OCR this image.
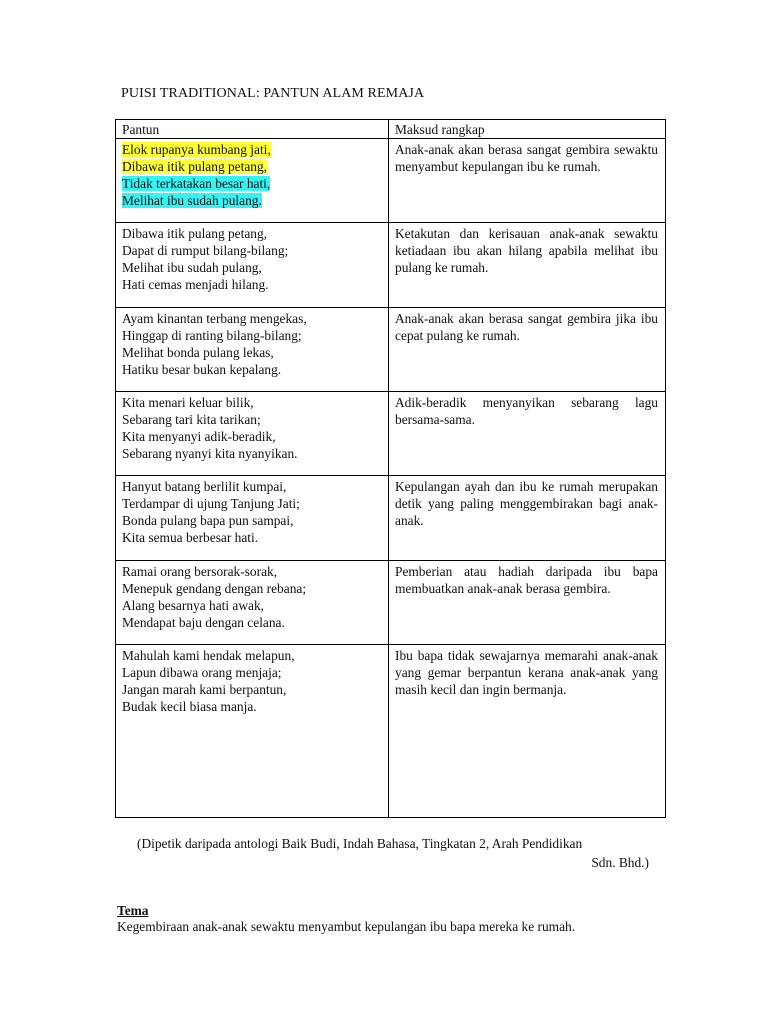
PUISI TRADITIONAL: PANTUN ALAM REMAJA
Pantun	Maksud rangkap

Elok rupanya kumbang jati,
Dibawa itik pulang petang,
Tidak terkatakan besar hati,
Melihat ibu sudah pulang.	Anak-anak akan berasa sangat gembira sewaktu menyambut kepulangan ibu ke rumah.

Dibawa itik pulang petang,
Dapat di rumput bilang-bilang;
Melihat ibu sudah pulang,
Hati cemas menjadi hilang.	Ketakutan dan kerisauan anak-anak sewaktu ketiadaan ibu akan hilang apabila melihat ibu pulang ke rumah.

Ayam kinantan terbang mengekas,
Hinggap di ranting bilang-bilang;
Melihat bonda pulang lekas,
Hatiku besar bukan kepalang.	Anak-anak akan berasa sangat gembira jika ibu cepat pulang ke rumah.

Kita menari keluar bilik,
Sebarang tari kita tarikan;
Kita menyanyi adik-beradik,
Sebarang nyanyi kita nyanyikan.	Adik-beradik menyanyikan sebarang lagu bersama-sama.

Hanyut batang berlilit kumpai,
Terdampar di ujung Tanjung Jati;
Bonda pulang bapa pun sampai,
Kita semua berbesar hati.	Kepulangan ayah dan ibu ke rumah merupakan detik yang paling menggembirakan bagi anak-anak.

Ramai orang bersorak-sorak,
Menepuk gendang dengan rebana;
Alang besarnya hati awak,
Mendapat baju dengan celana.	Pemberian atau hadiah daripada ibu bapa membuatkan anak-anak berasa gembira.

Mahulah kami hendak melapun,
Lapun dibawa orang menjaja;
Jangan marah kami berpantun,
Budak kecil biasa manja.	Ibu bapa tidak sewajarnya memarahi anak-anak yang gemar berpantun kerana anak-anak yang masih kecil dan ingin bermanja.
(Dipetik daripada antologi Baik Budi, Indah Bahasa, Tingkatan 2, Arah Pendidikan
Sdn. Bhd.)
Tema
Kegembiraan anak-anak sewaktu menyambut kepulangan ibu bapa mereka ke rumah.
